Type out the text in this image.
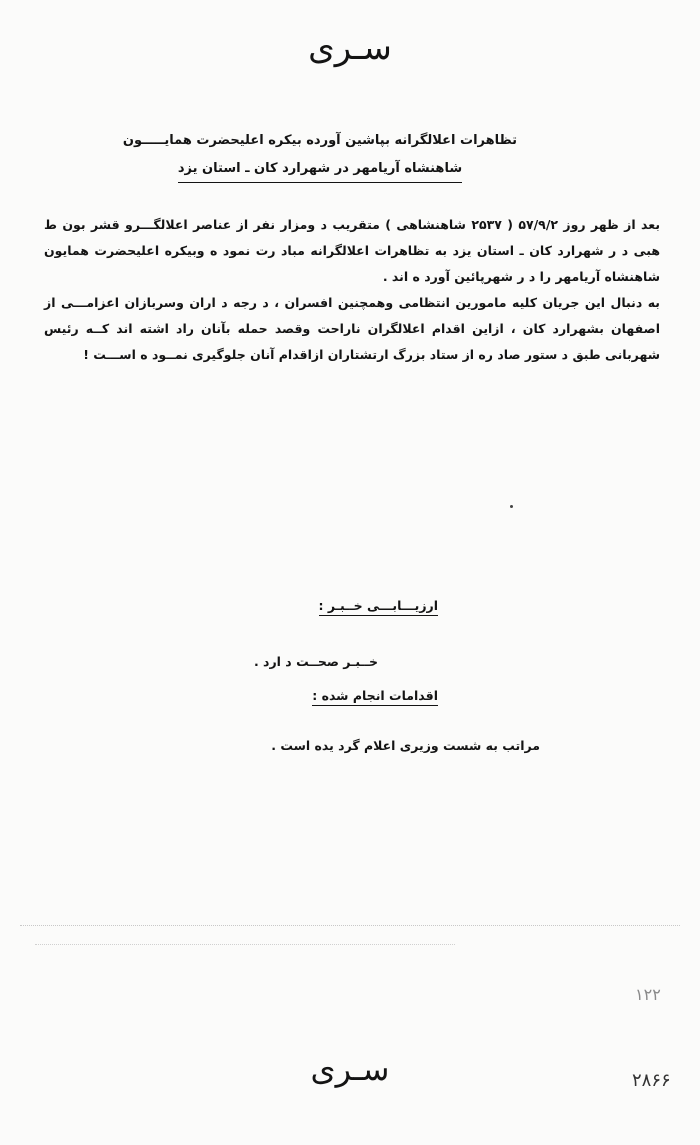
سـری
تظاهرات اعلالگرانه بپاشین آورده بیکره اعلیحضرت همایـــــون
شاهنشاه آریامهر در شهرارد کان ـ استان یزد

بعد از ظهر روز ۵۷/۹/۲ ( ۲۵۳۷ شاهنشاهی ) متقریب د ومزار نفر از عناصر اعلالگـــرو قشر بون ط هبی د ر شهرارد کان ـ استان یزد به تظاهرات اعلالگرانه مباد رت نمود ه وبیکره اعلیحضرت همایون شاهنشاه آریامهر را د ر شهرپائین آورد ه اند .

به دنبال این جریان کلیه مامورین انتظامی وهمچنین افسران ، د رجه د اران وسربازان اعزامـــی از اصفهان بشهرارد کان ، ازاین اقدام اعلالگران ناراحت وقصد حمله بآنان راد اشته اند کــه رئیس شهربانی طبق د ستور صاد ره از ستاد بزرگ ارتشتاران ازاقدام آنان جلوگیری نمــود ه اســـت !

ارزیـــابـــی خــبـر :
خــبـر صحــت د ارد .
اقدامات انجام شده :
مراتب به شست وزیری اعلام گرد یده است .
۱۲۲
سـری	۲۸۶۶
